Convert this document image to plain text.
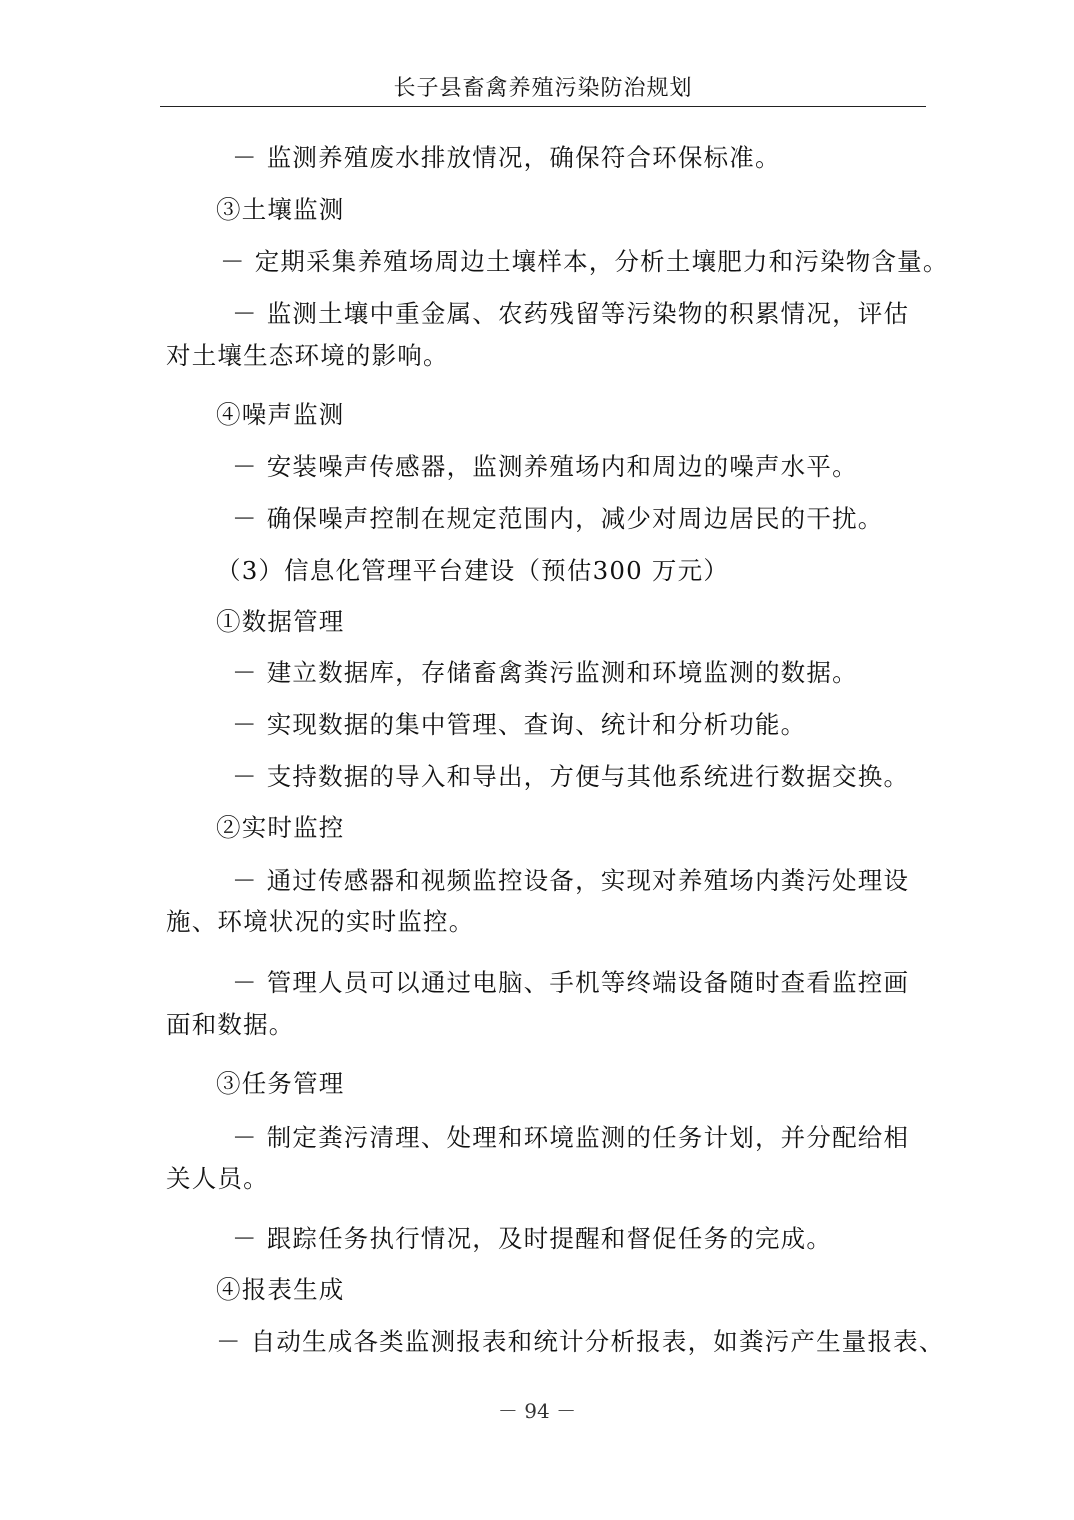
长子县畜禽养殖污染防治规划
－ 监测养殖废水排放情况，确保符合环保标准。
③土壤监测
－ 定期采集养殖场周边土壤样本，分析土壤肥力和污染物含量。
－ 监测土壤中重金属、农药残留等污染物的积累情况，评估
对土壤生态环境的影响。
④噪声监测
－ 安装噪声传感器，监测养殖场内和周边的噪声水平。
－ 确保噪声控制在规定范围内，减少对周边居民的干扰。
（3）信息化管理平台建设（预估300 万元）
①数据管理
－ 建立数据库，存储畜禽粪污监测和环境监测的数据。
－ 实现数据的集中管理、查询、统计和分析功能。
－ 支持数据的导入和导出，方便与其他系统进行数据交换。
②实时监控
－ 通过传感器和视频监控设备，实现对养殖场内粪污处理设
施、环境状况的实时监控。
－ 管理人员可以通过电脑、手机等终端设备随时查看监控画
面和数据。
③任务管理
－ 制定粪污清理、处理和环境监测的任务计划，并分配给相
关人员。
－ 跟踪任务执行情况，及时提醒和督促任务的完成。
④报表生成
－ 自动生成各类监测报表和统计分析报表，如粪污产生量报表、
－ 94 －
